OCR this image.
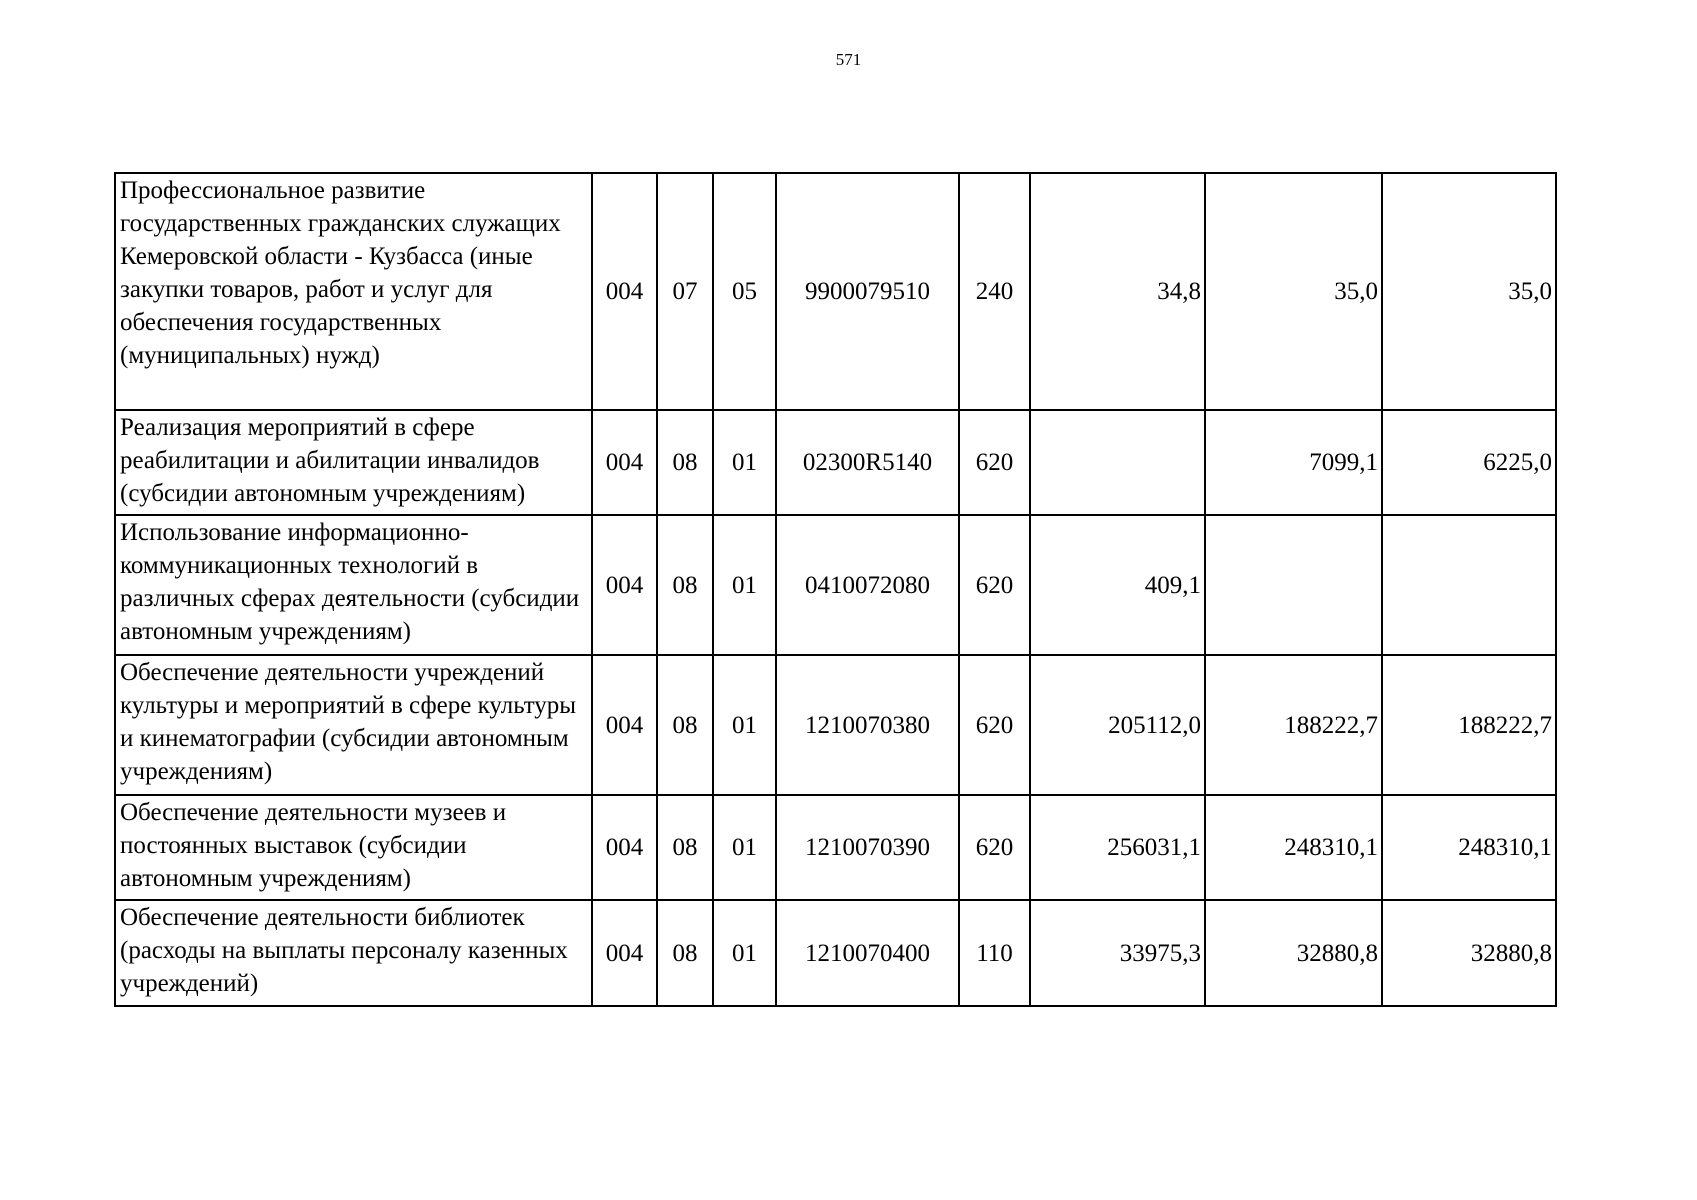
571
Профессиональное развитие государственных гражданских служащих Кемеровской области - Кузбасса (иные закупки товаров, работ и услуг для обеспечения государственных (муниципальных) нужд)	004	07	05	9900079510	240	34,8	35,0	35,0
Реализация мероприятий в сфере реабилитации и абилитации инвалидов (субсидии автономным учреждениям)	004	08	01	02300R5140	620		7099,1	6225,0
Использование информационно-коммуникационных технологий в различных сферах деятельности (субсидии автономным учреждениям)	004	08	01	0410072080	620	409,1		
Обеспечение деятельности учреждений культуры и мероприятий в сфере культуры и кинематографии (субсидии автономным учреждениям)	004	08	01	1210070380	620	205112,0	188222,7	188222,7
Обеспечение деятельности музеев и постоянных выставок (субсидии автономным учреждениям)	004	08	01	1210070390	620	256031,1	248310,1	248310,1
Обеспечение деятельности библиотек (расходы на выплаты персоналу казенных учреждений)	004	08	01	1210070400	110	33975,3	32880,8	32880,8
